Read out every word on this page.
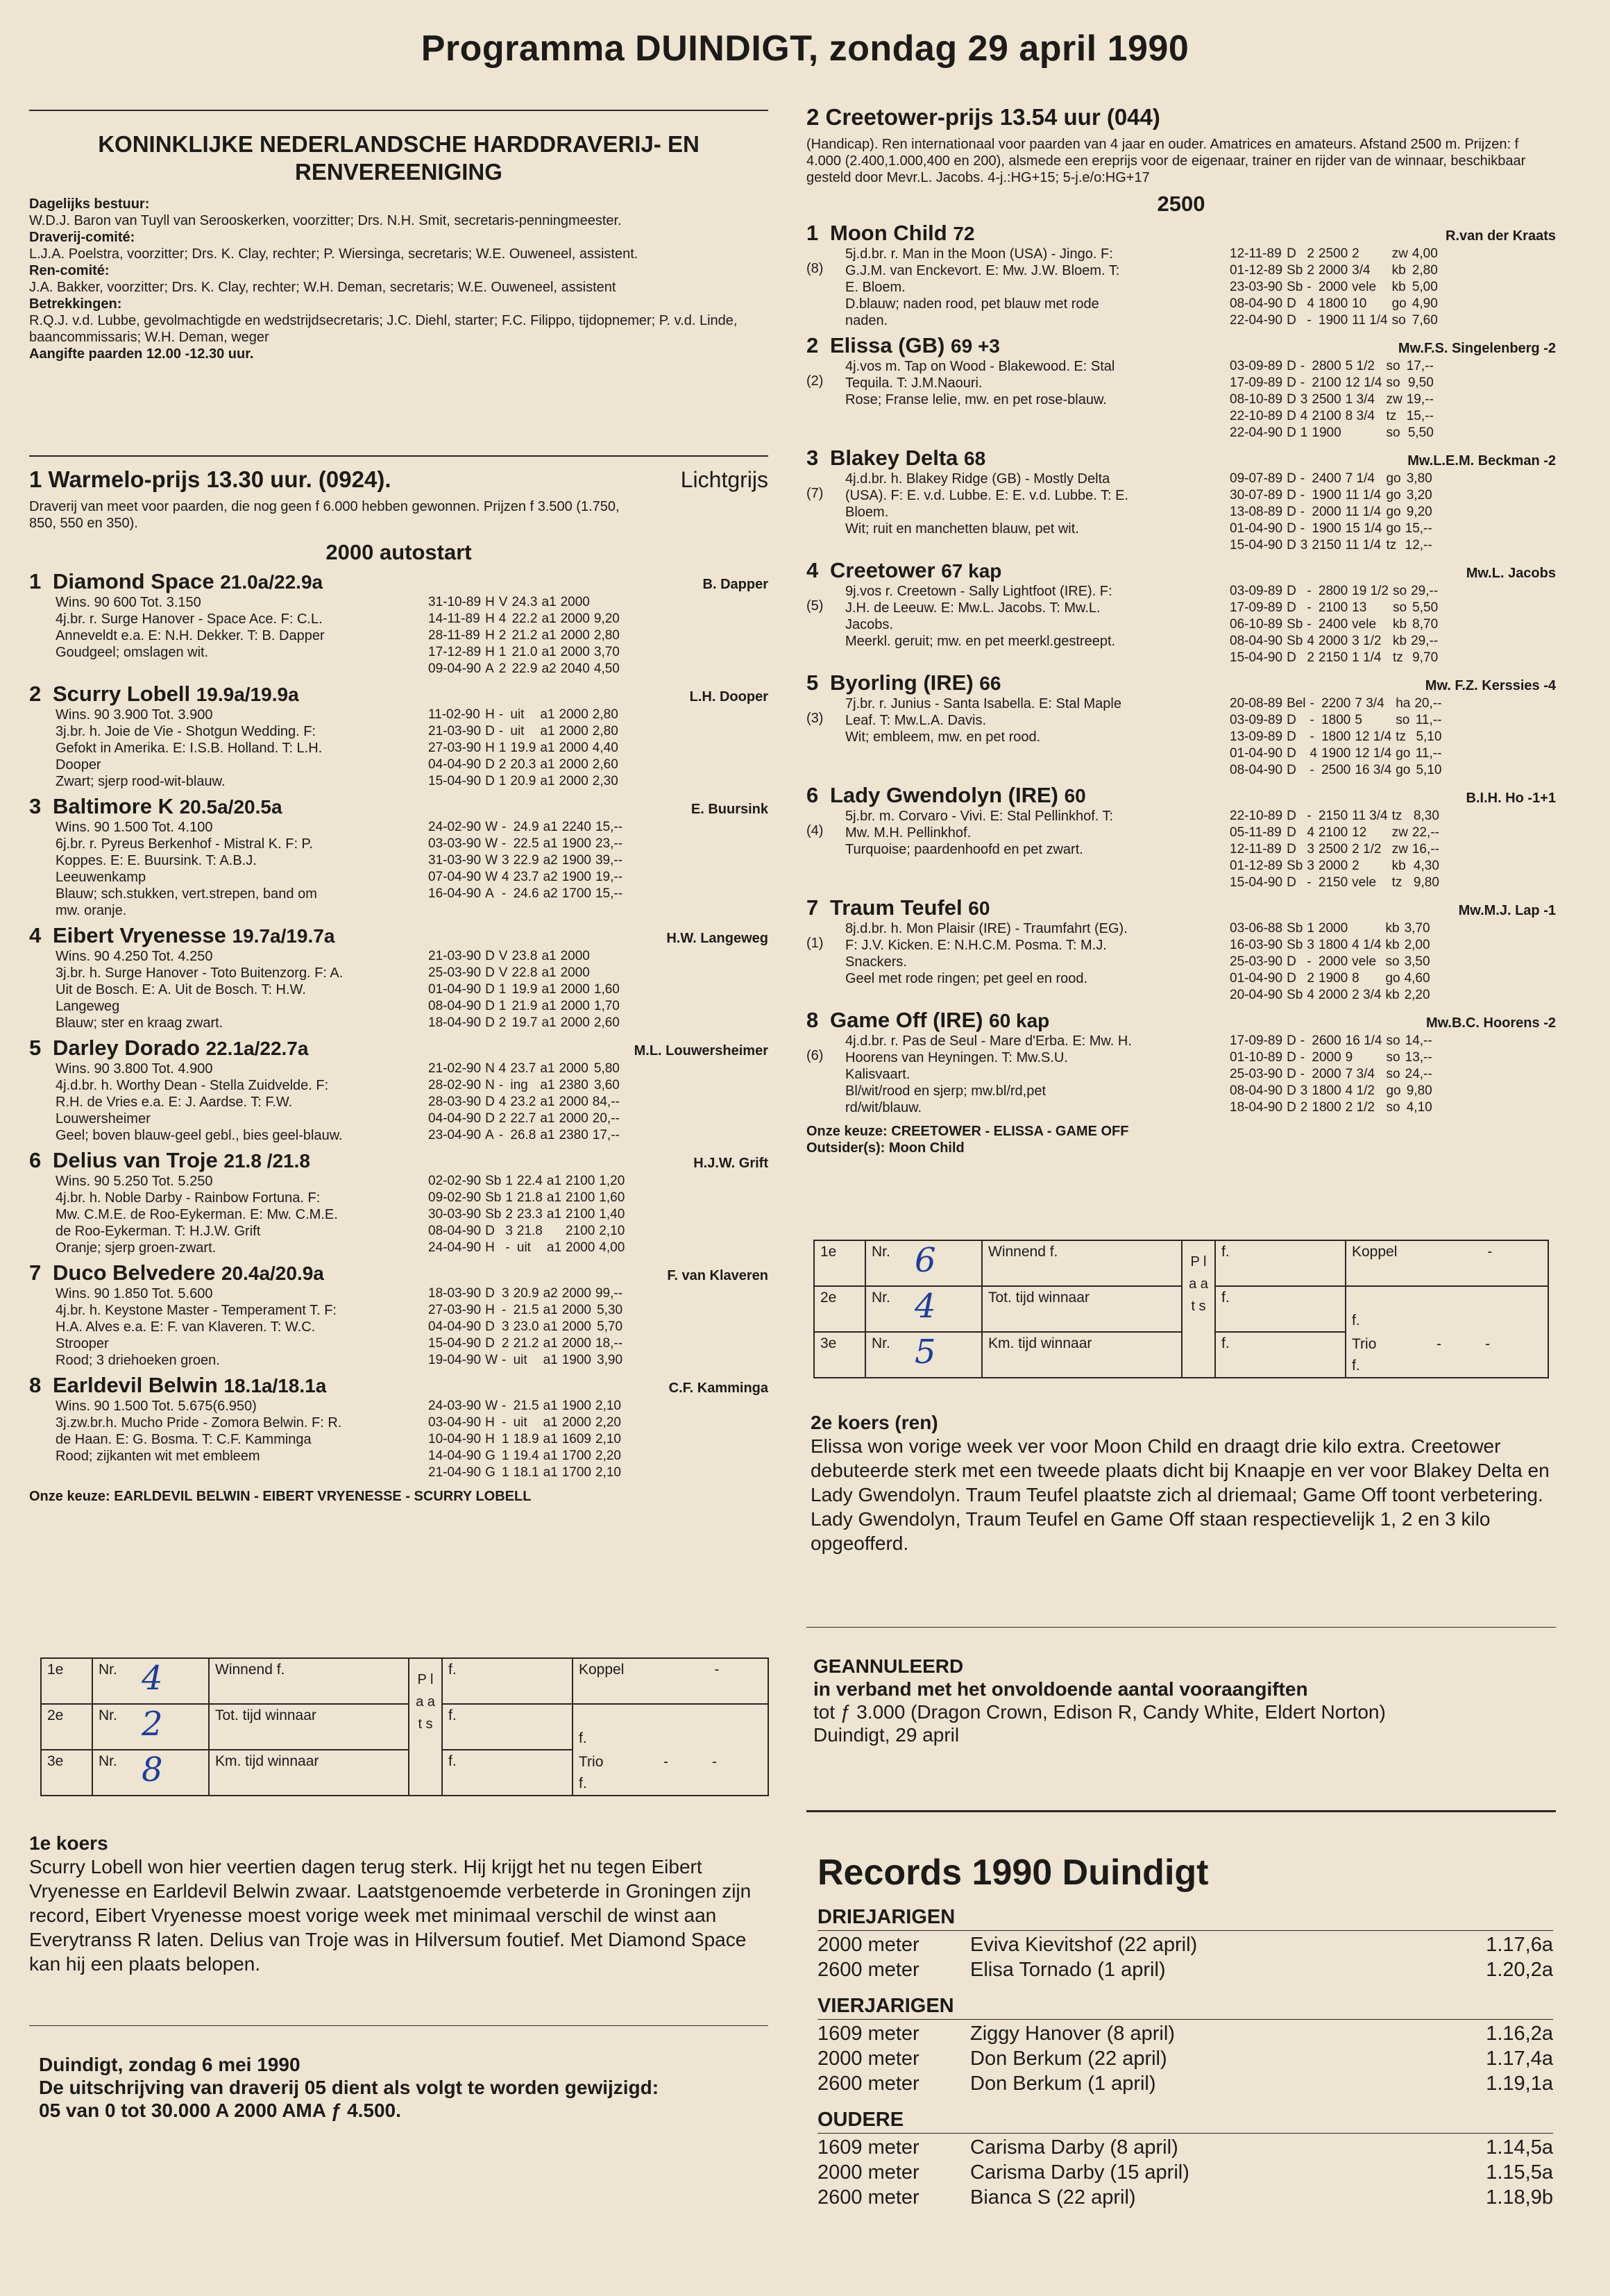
Programma DUINDIGT, zondag 29 april 1990
KONINKLIJKE NEDERLANDSCHE HARDDRAVERIJ- EN RENVEREENIGING
Dagelijks bestuur:
W.D.J. Baron van Tuyll van Serooskerken, voorzitter; Drs. N.H. Smit, secretaris-penningmeester.
Draverij-comité:
L.J.A. Poelstra, voorzitter; Drs. K. Clay, rechter; P. Wiersinga, secretaris; W.E. Ouweneel, assistent.
Ren-comité:
J.A. Bakker, voorzitter; Drs. K. Clay, rechter; W.H. Deman, secretaris; W.E. Ouweneel, assistent
Betrekkingen:
R.Q.J. v.d. Lubbe, gevolmachtigde en wedstrijdsecretaris; J.C. Diehl, starter; F.C. Filippo, tijdopnemer; P. v.d. Linde, baancommissaris; W.H. Deman, weger
Aangifte paarden 12.00 -12.30 uur.
1 Warmelo-prijs 13.30 uur. (0924).	Lichtgrijs
Draverij van meet voor paarden, die nog geen f 6.000 hebben gewonnen. Prijzen f 3.500 (1.750, 850, 550 en 350).
2000 autostart
1 Diamond Space 21.0a/22.9a	B. Dapper
Wins. 90 600 Tot. 3.150
4j.br. r. Surge Hanover - Space Ace. F: C.L.
Anneveldt e.a. E: N.H. Dekker. T: B. Dapper
Goudgeel; omslagen wit.
31-10-89	H	V	24.3	a1	2000	
14-11-89	H	4	22.2	a1	2000	9,20
28-11-89	H	2	21.2	a1	2000	2,80
17-12-89	H	1	21.0	a1	2000	3,70
09-04-90	A	2	22.9	a2	2040	4,50
2 Scurry Lobell 19.9a/19.9a	L.H. Dooper
Wins. 90 3.900 Tot. 3.900
3j.br. h. Joie de Vie - Shotgun Wedding. F:
Gefokt in Amerika. E: I.S.B. Holland. T: L.H.
Dooper
Zwart; sjerp rood-wit-blauw.
11-02-90	H	-	uit	a1	2000	2,80
21-03-90	D	-	uit	a1	2000	2,80
27-03-90	H	1	19.9	a1	2000	4,40
04-04-90	D	2	20.3	a1	2000	2,60
15-04-90	D	1	20.9	a1	2000	2,30
3 Baltimore K 20.5a/20.5a	E. Buursink
Wins. 90 1.500 Tot. 4.100
6j.br. r. Pyreus Berkenhof - Mistral K. F: P.
Koppes. E: E. Buursink. T: A.B.J.
Leeuwenkamp
Blauw; sch.stukken, vert.strepen, band om
mw. oranje.
24-02-90	W	-	24.9	a1	2240	15,--
03-03-90	W	-	22.5	a1	1900	23,--
31-03-90	W	3	22.9	a2	1900	39,--
07-04-90	W	4	23.7	a2	1900	19,--
16-04-90	A	-	24.6	a2	1700	15,--
4 Eibert Vryenesse 19.7a/19.7a	H.W. Langeweg
Wins. 90 4.250 Tot. 4.250
3j.br. h. Surge Hanover - Toto Buitenzorg. F: A.
Uit de Bosch. E: A. Uit de Bosch. T: H.W.
Langeweg
Blauw; ster en kraag zwart.
21-03-90	D	V	23.8	a1	2000	
25-03-90	D	V	22.8	a1	2000	
01-04-90	D	1	19.9	a1	2000	1,60
08-04-90	D	1	21.9	a1	2000	1,70
18-04-90	D	2	19.7	a1	2000	2,60
5 Darley Dorado 22.1a/22.7a	M.L. Louwersheimer
Wins. 90 3.800 Tot. 4.900
4j.d.br. h. Worthy Dean - Stella Zuidvelde. F:
R.H. de Vries e.a. E: J. Aardse. T: F.W.
Louwersheimer
Geel; boven blauw-geel gebl., bies geel-blauw.
21-02-90	N	4	23.7	a1	2000	5,80
28-02-90	N	-	ing	a1	2380	3,60
28-03-90	D	4	23.2	a1	2000	84,--
04-04-90	D	2	22.7	a1	2000	20,--
23-04-90	A	-	26.8	a1	2380	17,--
6 Delius van Troje 21.8 /21.8	H.J.W. Grift
Wins. 90 5.250 Tot. 5.250
4j.br. h. Noble Darby - Rainbow Fortuna. F:
Mw. C.M.E. de Roo-Eykerman. E: Mw. C.M.E.
de Roo-Eykerman. T: H.J.W. Grift
Oranje; sjerp groen-zwart.
02-02-90	Sb	1	22.4	a1	2100	1,20
09-02-90	Sb	1	21.8	a1	2100	1,60
30-03-90	Sb	2	23.3	a1	2100	1,40
08-04-90	D	3	21.8		2100	2,10
24-04-90	H	-	uit	a1	2000	4,00
7 Duco Belvedere 20.4a/20.9a	F. van Klaveren
Wins. 90 1.850 Tot. 5.600
4j.br. h. Keystone Master - Temperament T. F:
H.A. Alves e.a. E: F. van Klaveren. T: W.C.
Strooper
Rood; 3 driehoeken groen.
18-03-90	D	3	20.9	a2	2000	99,--
27-03-90	H	-	21.5	a1	2000	5,30
04-04-90	D	3	23.0	a1	2000	5,70
15-04-90	D	2	21.2	a1	2000	18,--
19-04-90	W	-	uit	a1	1900	3,90
8 Earldevil Belwin 18.1a/18.1a	C.F. Kamminga
Wins. 90 1.500 Tot. 5.675(6.950)
3j.zw.br.h. Mucho Pride - Zomora Belwin. F: R.
de Haan. E: G. Bosma. T: C.F. Kamminga
Rood; zijkanten wit met embleem
24-03-90	W	-	21.5	a1	1900	2,10
03-04-90	H	-	uit	a1	2000	2,20
10-04-90	H	1	18.9	a1	1609	2,10
14-04-90	G	1	19.4	a1	1700	2,20
21-04-90	G	1	18.1	a1	1700	2,10
Onze keuze: EARLDEVIL BELWIN - EIBERT VRYENESSE - SCURRY LOBELL
1e	Nr. 4	Winnend f.	P l a a t s	f.	Koppel -
2e	Nr. 2	Tot. tijd winnaar		f.	f.
Trio - -

3e	Nr. 8	Km. tijd winnaar		f.	f.
1e koers

Scurry Lobell won hier veertien dagen terug sterk. Hij krijgt het nu tegen Eibert Vryenesse en Earldevil Belwin zwaar. Laatstgenoemde verbeterde in Groningen zijn record, Eibert Vryenesse moest vorige week met minimaal verschil de winst aan Everytranss R laten. Delius van Troje was in Hilversum foutief. Met Diamond Space kan hij een plaats belopen.

Duindigt, zondag 6 mei 1990
De uitschrijving van draverij 05 dient als volgt te worden gewijzigd:
05 van 0 tot 30.000 A 2000 AMA ƒ 4.500.
2 Creetower-prijs 13.54 uur (044)
(Handicap). Ren internationaal voor paarden van 4 jaar en ouder. Amatrices en amateurs. Afstand 2500 m. Prijzen: f 4.000 (2.400,1.000,400 en 200), alsmede een ereprijs voor de eigenaar, trainer en rijder van de winnaar, beschikbaar gesteld door Mevr.L. Jacobs. 4-j.:HG+15; 5-j.e/o:HG+17
2500
1 Moon Child 72	R.van der Kraats
(8)
5j.d.br. r. Man in the Moon (USA) - Jingo. F:
G.J.M. van Enckevort. E: Mw. J.W. Bloem. T:
E. Bloem.
D.blauw; naden rood, pet blauw met rode
naden.
12-11-89	D	2	2500	2	zw	4,00
01-12-89	Sb	2	2000	3/4	kb	2,80
23-03-90	Sb	-	2000	vele	kb	5,00
08-04-90	D	4	1800	10	go	4,90
22-04-90	D	-	1900	11 1/4	so	7,60
2 Elissa (GB) 69 +3	Mw.F.S. Singelenberg -2
(2)
4j.vos m. Tap on Wood - Blakewood. E: Stal
Tequila. T: J.M.Naouri.
Rose; Franse lelie, mw. en pet rose-blauw.
03-09-89	D	-	2800	5 1/2	so	17,--
17-09-89	D	-	2100	12 1/4	so	9,50
08-10-89	D	3	2500	1 3/4	zw	19,--
22-10-89	D	4	2100	8 3/4	tz	15,--
22-04-90	D	1	1900		so	5,50
3 Blakey Delta 68	Mw.L.E.M. Beckman -2
(7)
4j.d.br. h. Blakey Ridge (GB) - Mostly Delta
(USA). F: E. v.d. Lubbe. E: E. v.d. Lubbe. T: E.
Bloem.
Wit; ruit en manchetten blauw, pet wit.
09-07-89	D	-	2400	7 1/4	go	3,80
30-07-89	D	-	1900	11 1/4	go	3,20
13-08-89	D	-	2000	11 1/4	go	9,20
01-04-90	D	-	1900	15 1/4	go	15,--
15-04-90	D	3	2150	11 1/4	tz	12,--
4 Creetower 67 kap	Mw.L. Jacobs
(5)
9j.vos r. Creetown - Sally Lightfoot (IRE). F:
J.H. de Leeuw. E: Mw.L. Jacobs. T: Mw.L.
Jacobs.
Meerkl. geruit; mw. en pet meerkl.gestreept.
03-09-89	D	-	2800	19 1/2	so	29,--
17-09-89	D	-	2100	13	so	5,50
06-10-89	Sb	-	2400	vele	kb	8,70
08-04-90	Sb	4	2000	3 1/2	kb	29,--
15-04-90	D	2	2150	1 1/4	tz	9,70
5 Byorling (IRE) 66	Mw. F.Z. Kerssies -4
(3)
7j.br. r. Junius - Santa Isabella. E: Stal Maple
Leaf. T: Mw.L.A. Davis.
Wit; embleem, mw. en pet rood.
20-08-89	Bel	-	2200	7 3/4	ha	20,--
03-09-89	D	-	1800	5	so	11,--
13-09-89	D	-	1800	12 1/4	tz	5,10
01-04-90	D	4	1900	12 1/4	go	11,--
08-04-90	D	-	2500	16 3/4	go	5,10
6 Lady Gwendolyn (IRE) 60	B.I.H. Ho -1+1
(4)
5j.br. m. Corvaro - Vivi. E: Stal Pellinkhof. T:
Mw. M.H. Pellinkhof.
Turquoise; paardenhoofd en pet zwart.
22-10-89	D	-	2150	11 3/4	tz	8,30
05-11-89	D	4	2100	12	zw	22,--
12-11-89	D	3	2500	2 1/2	zw	16,--
01-12-89	Sb	3	2000	2	kb	4,30
15-04-90	D	-	2150	vele	tz	9,80
7 Traum Teufel 60	Mw.M.J. Lap -1
(1)
8j.d.br. h. Mon Plaisir (IRE) - Traumfahrt (EG).
F: J.V. Kicken. E: N.H.C.M. Posma. T: M.J.
Snackers.
Geel met rode ringen; pet geel en rood.
03-06-88	Sb	1	2000		kb	3,70
16-03-90	Sb	3	1800	4 1/4	kb	2,00
25-03-90	D	-	2000	vele	so	3,50
01-04-90	D	2	1900	8	go	4,60
20-04-90	Sb	4	2000	2 3/4	kb	2,20
8 Game Off (IRE) 60 kap	Mw.B.C. Hoorens -2
(6)
4j.d.br. r. Pas de Seul - Mare d'Erba. E: Mw. H.
Hoorens van Heyningen. T: Mw.S.U.
Kalisvaart.
Bl/wit/rood en sjerp; mw.bl/rd,pet
rd/wit/blauw.
17-09-89	D	-	2600	16 1/4	so	14,--
01-10-89	D	-	2000	9	so	13,--
25-03-90	D	-	2000	7 3/4	so	24,--
08-04-90	D	3	1800	4 1/2	go	9,80
18-04-90	D	2	1800	2 1/2	so	4,10
Onze keuze: CREETOWER - ELISSA - GAME OFF
Outsider(s): Moon Child
1e	Nr. 6	Winnend f.	P l a a t s	f.	Koppel -
2e	Nr. 4	Tot. tijd winnaar		f.	f.
Trio - -

3e	Nr. 5	Km. tijd winnaar		f.	f.
2e koers (ren)

Elissa won vorige week ver voor Moon Child en draagt drie kilo extra. Creetower debuteerde sterk met een tweede plaats dicht bij Knaapje en ver voor Blakey Delta en Lady Gwendolyn. Traum Teufel plaatste zich al driemaal; Game Off toont verbetering. Lady Gwendolyn, Traum Teufel en Game Off staan respectievelijk 1, 2 en 3 kilo opgeofferd.

GEANNULEERD
in verband met het onvoldoende aantal vooraangiften
tot ƒ 3.000 (Dragon Crown, Edison R, Candy White, Eldert Norton)
Duindigt, 29 april
Records 1990 Duindigt
DRIEJARIGEN
2000 meter	Eviva Kievitshof (22 april)	1.17,6a
2600 meter	Elisa Tornado (1 april)	1.20,2a
VIERJARIGEN
1609 meter	Ziggy Hanover (8 april)	1.16,2a
2000 meter	Don Berkum (22 april)	1.17,4a
2600 meter	Don Berkum (1 april)	1.19,1a
OUDERE
1609 meter	Carisma Darby (8 april)	1.14,5a
2000 meter	Carisma Darby (15 april)	1.15,5a
2600 meter	Bianca S (22 april)	1.18,9b
